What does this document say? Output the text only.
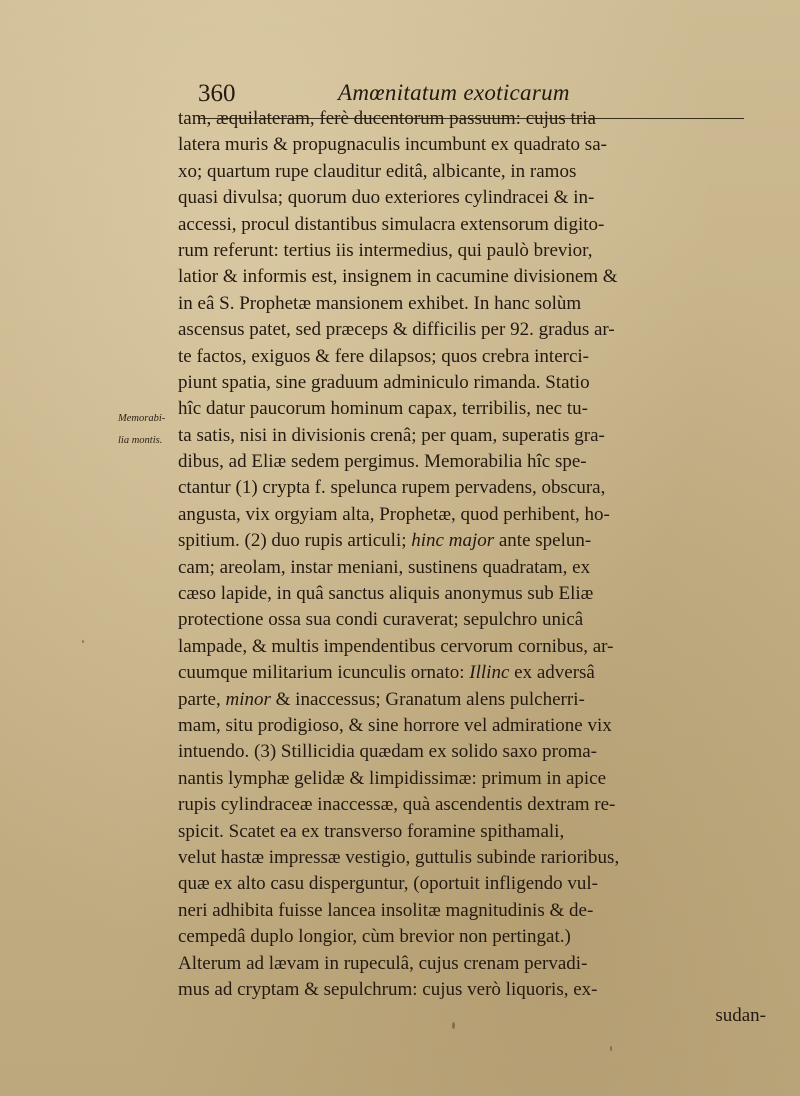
360	Amœnitatum exoticarum
Memorabi-
lia montis.
tam, æquilateram, ferè ducentorum passuum: cujus tria
latera muris & propugnaculis incumbunt ex quadrato sa-
xo; quartum rupe clauditur editâ, albicante, in ramos
quasi divulsa; quorum duo exteriores cylindracei & in-
accessi, procul distantibus simulacra extensorum digito-
rum referunt: tertius iis intermedius, qui paulò brevior,
latior & informis est, insignem in cacumine divisionem &
in eâ S. Prophetæ mansionem exhibet. In hanc solùm
ascensus patet, sed præceps & difficilis per 92. gradus ar-
te factos, exiguos & fere dilapsos; quos crebra interci-
piunt spatia, sine graduum adminiculo rimanda. Statio
hîc datur paucorum hominum capax, terribilis, nec tu-
ta satis, nisi in divisionis crenâ; per quam, superatis gra-
dibus, ad Eliæ sedem pergimus. Memorabilia hîc spe-
ctantur (1) crypta f. spelunca rupem pervadens, obscura,
angusta, vix orgyiam alta, Prophetæ, quod perhibent, ho-
spitium. (2) duo rupis articuli; hinc major ante spelun-
cam; areolam, instar meniani, sustinens quadratam, ex
cæso lapide, in quâ sanctus aliquis anonymus sub Eliæ
protectione ossa sua condi curaverat; sepulchro unicâ
lampade, & multis impendentibus cervorum cornibus, ar-
cuumque militarium icunculis ornato: Illinc ex adversâ
parte, minor & inaccessus; Granatum alens pulcherri-
mam, situ prodigioso, & sine horrore vel admiratione vix
intuendo. (3) Stillicidia quædam ex solido saxo proma-
nantis lymphæ gelidæ & limpidissimæ: primum in apice
rupis cylindraceæ inaccessæ, quà ascendentis dextram re-
spicit. Scatet ea ex transverso foramine spithamali,
velut hastæ impressæ vestigio, guttulis subinde rarioribus,
quæ ex alto casu disperguntur, (oportuit infligendo vul-
neri adhibita fuisse lancea insolitæ magnitudinis & de-
cempedâ duplo longior, cùm brevior non pertingat.)
Alterum ad lævam in rupeculâ, cujus crenam pervadi-
mus ad cryptam & sepulchrum: cujus verò liquoris, ex-
sudan-
